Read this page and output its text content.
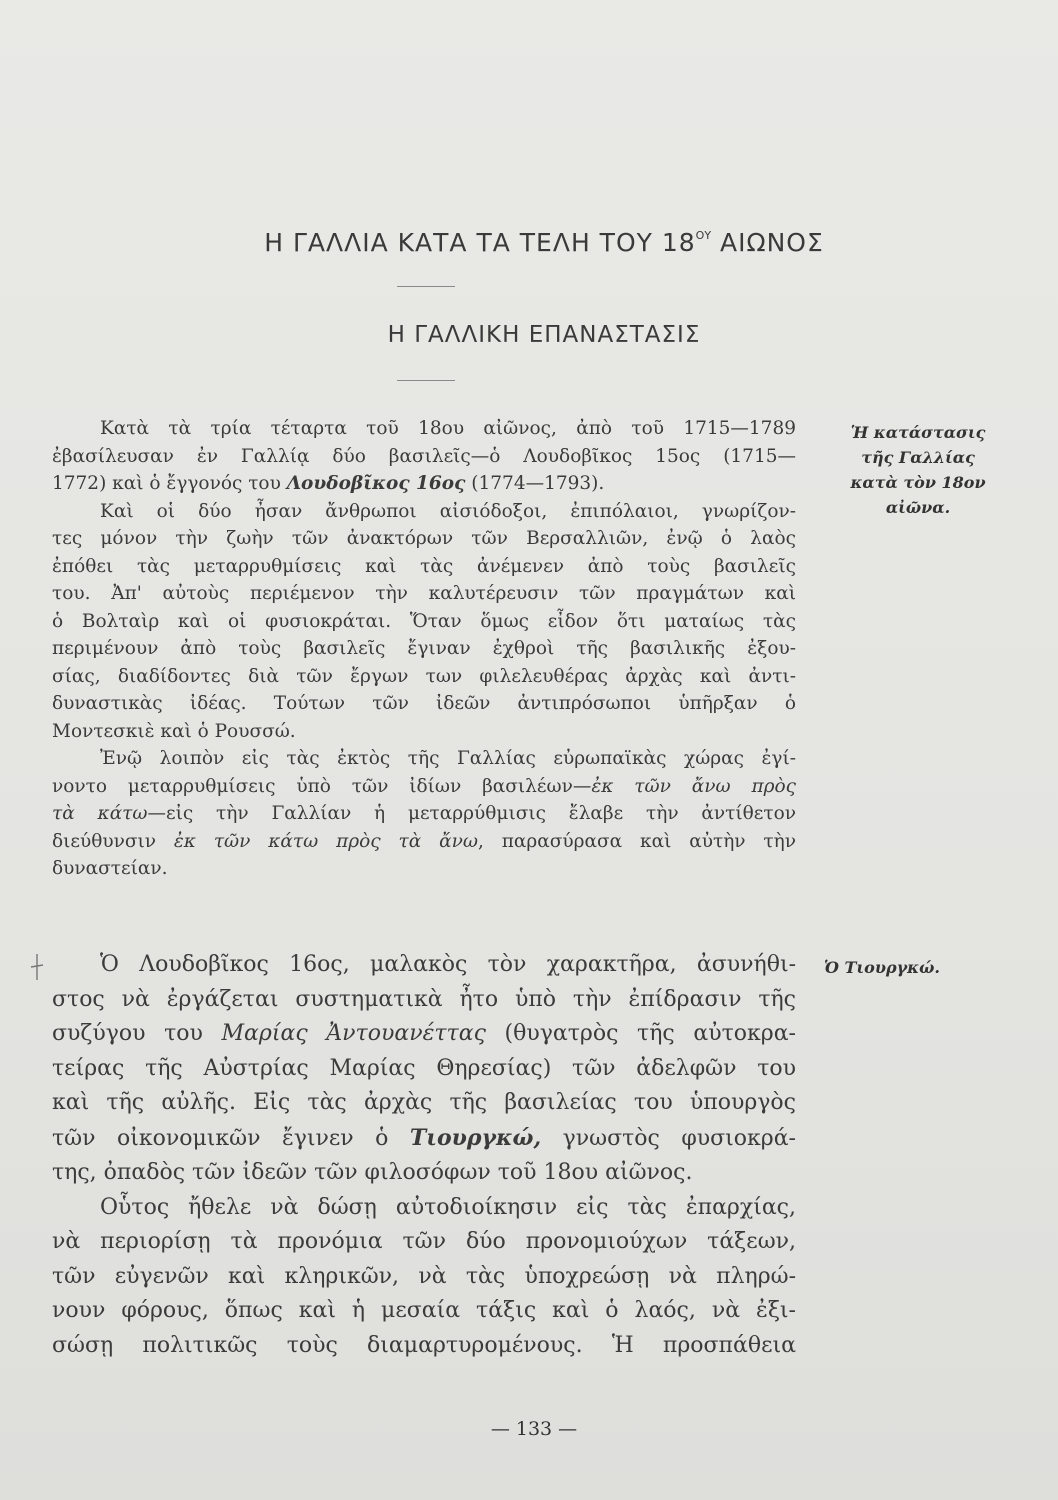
Η ΓΑΛΛΙΑ ΚΑΤΑ ΤΑ ΤΕΛΗ ΤΟΥ $18^{O\Upsilon}$ ΑΙΩΝΟΣ
Η ΓΑΛΛΙΚΗ ΕΠΑΝΑΣΤΑΣΙΣ
Ἡ κατάστασις
τῆς Γαλλίας
κατὰ τὸν 18ον
αἰῶνα.
Ὁ Τιουργκώ.

Κατὰ τὰ τρία τέταρτα τοῦ 18ου αἰῶνος, ἀπὸ τοῦ 1715—1789
ἐβασίλευσαν ἐν Γαλλίᾳ δύο βασιλεῖς—ὁ Λουδοβῖκος 15ος (1715—
1772) καὶ ὁ ἔγγονός του Λουδοβῖκος 16ος (1774—1793).

Καὶ οἱ δύο ἦσαν ἄνθρωποι αἰσιόδοξοι, ἐπιπόλαιοι, γνωρίζον-
τες μόνον τὴν ζωὴν τῶν ἀνακτόρων τῶν Βερσαλλιῶν, ἐνῷ ὁ λαὸς
ἐπόθει τὰς μεταρρυθμίσεις καὶ τὰς ἀνέμενεν ἀπὸ τοὺς βασιλεῖς
του. Ἀπ' αὐτοὺς περιέμενον τὴν καλυτέρευσιν τῶν πραγμάτων καὶ
ὁ Βολταὶρ καὶ οἱ φυσιοκράται. Ὅταν ὅμως εἶδον ὅτι ματαίως τὰς
περιμένουν ἀπὸ τοὺς βασιλεῖς ἔγιναν ἐχθροὶ τῆς βασιλικῆς ἐξου-
σίας, διαδίδοντες διὰ τῶν ἔργων των φιλελευθέρας ἀρχὰς καὶ ἀντι-
δυναστικὰς ἰδέας. Τούτων τῶν ἰδεῶν ἀντιπρόσωποι ὑπῆρξαν ὁ
Μοντεσκιὲ καὶ ὁ Ρουσσώ.

Ἐνῷ λοιπὸν εἰς τὰς ἐκτὸς τῆς Γαλλίας εὐρωπαϊκὰς χώρας ἐγί-
νοντο μεταρρυθμίσεις ὑπὸ τῶν ἰδίων βασιλέων—ἐκ τῶν ἄνω πρὸς
τὰ κάτω—εἰς τὴν Γαλλίαν ἡ μεταρρύθμισις ἔλαβε τὴν ἀντίθετον
διεύθυνσιν ἐκ τῶν κάτω πρὸς τὰ ἄνω, παρασύρασα καὶ αὐτὴν τὴν
δυναστείαν.

Ὁ Λουδοβῖκος 16ος, μαλακὸς τὸν χαρακτῆρα, ἀσυνήθι-
στος νὰ ἐργάζεται συστηματικὰ ἦτο ὑπὸ τὴν ἐπίδρασιν τῆς
συζύγου του Μαρίας Ἀντουανέττας (θυγατρὸς τῆς αὐτοκρα-
τείρας τῆς Αὐστρίας Μαρίας Θηρεσίας) τῶν ἀδελφῶν του
καὶ τῆς αὐλῆς. Εἰς τὰς ἀρχὰς τῆς βασιλείας του ὑπουργὸς
τῶν οἰκονομικῶν ἔγινεν ὁ Τιουργκώ, γνωστὸς φυσιοκρά-
της, ὀπαδὸς τῶν ἰδεῶν τῶν φιλοσόφων τοῦ 18ου αἰῶνος.

Οὗτος ἤθελε νὰ δώσῃ αὐτοδιοίκησιν εἰς τὰς ἐπαρχίας,
νὰ περιορίσῃ τὰ προνόμια τῶν δύο προνομιούχων τάξεων,
τῶν εὐγενῶν καὶ κληρικῶν, νὰ τὰς ὑποχρεώσῃ νὰ πληρώ-
νουν φόρους, ὅπως καὶ ἡ μεσαία τάξις καὶ ὁ λαός, νὰ ἐξι-
σώσῃ πολιτικῶς τοὺς διαμαρτυρομένους. Ἡ προσπάθεια

— 133 —
